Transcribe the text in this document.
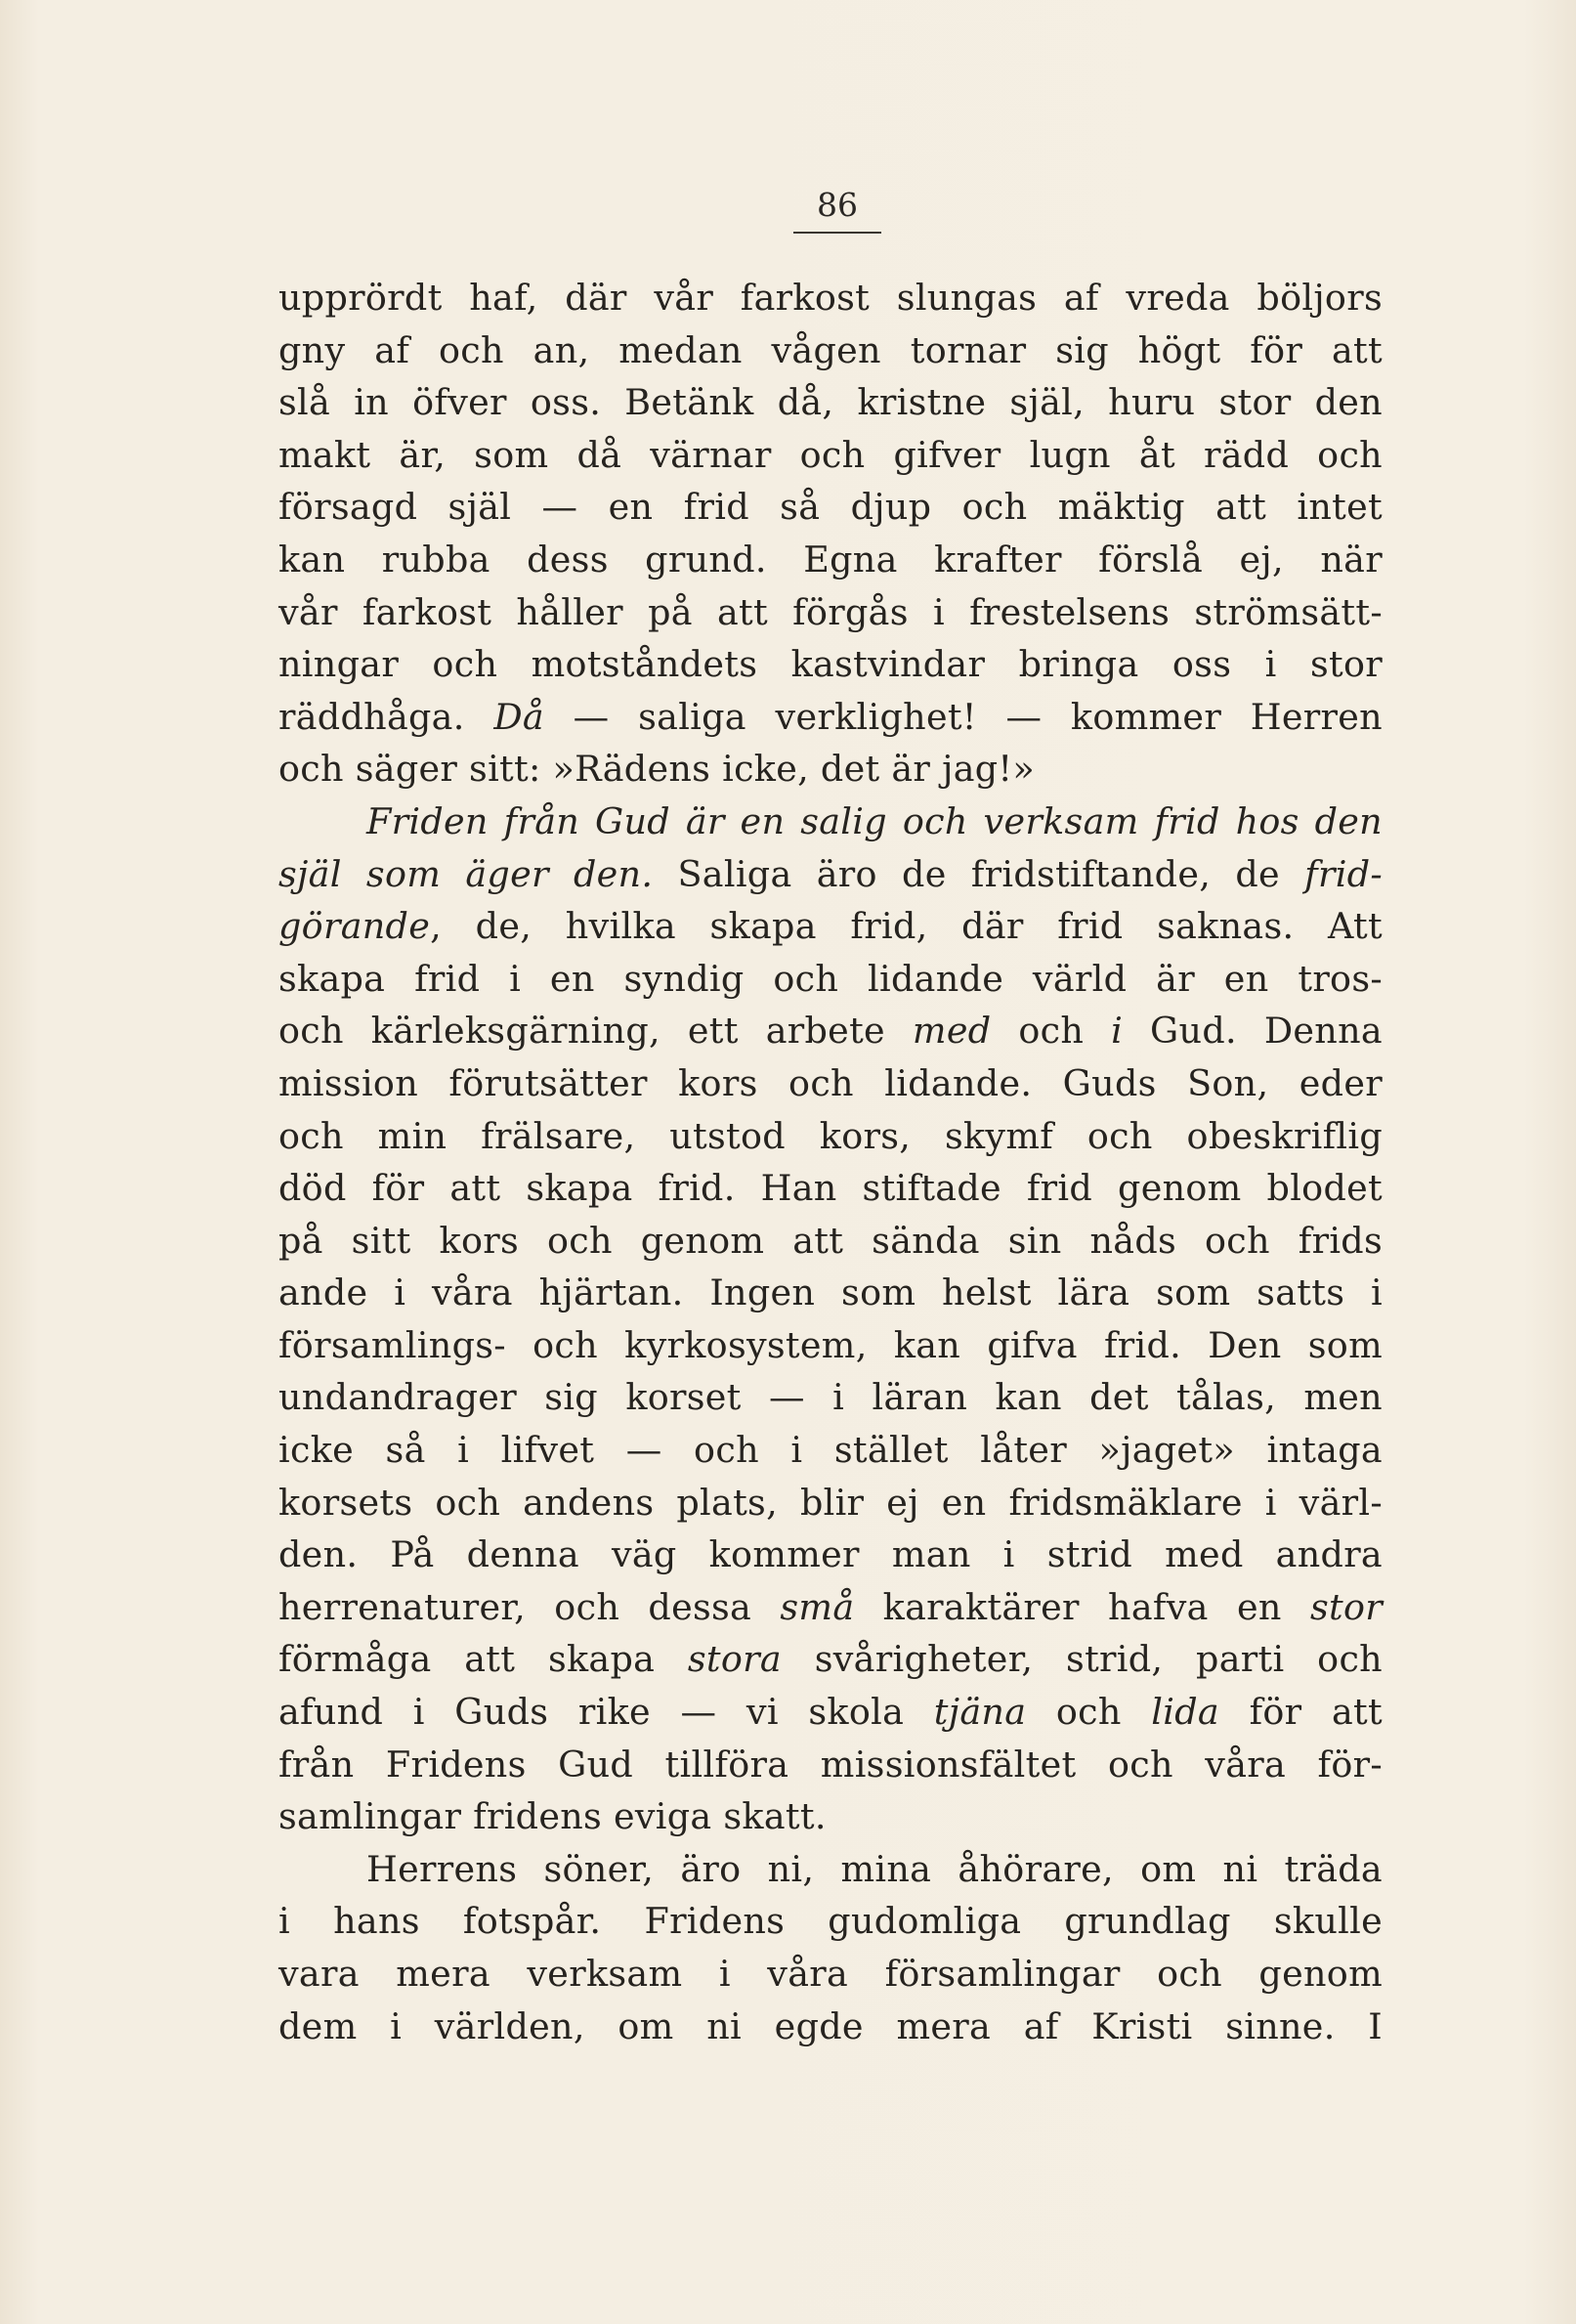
86
upprördt haf, där vår farkost slungas af vreda böljors
gny af och an, medan vågen tornar sig högt för att
slå in öfver oss. Betänk då, kristne själ, huru stor den
makt är, som då värnar och gifver lugn åt rädd och
försagd själ — en frid så djup och mäktig att intet
kan rubba dess grund. Egna krafter förslå ej, när
vår farkost håller på att förgås i frestelsens strömsätt-
ningar och motståndets kastvindar bringa oss i stor
räddhåga. Då — saliga verklighet! — kommer Herren
och säger sitt: »Rädens icke, det är jag!»
Friden från Gud är en salig och verksam frid hos den
själ som äger den. Saliga äro de fridstiftande, de frid-
görande, de, hvilka skapa frid, där frid saknas. Att
skapa frid i en syndig och lidande värld är en tros-
och kärleksgärning, ett arbete med och i Gud. Denna
mission förutsätter kors och lidande. Guds Son, eder
och min frälsare, utstod kors, skymf och obeskriflig
död för att skapa frid. Han stiftade frid genom blodet
på sitt kors och genom att sända sin nåds och frids
ande i våra hjärtan. Ingen som helst lära som satts i
församlings- och kyrkosystem, kan gifva frid. Den som
undandrager sig korset — i läran kan det tålas, men
icke så i lifvet — och i stället låter »jaget» intaga
korsets och andens plats, blir ej en fridsmäklare i värl-
den. På denna väg kommer man i strid med andra
herrenaturer, och dessa små karaktärer hafva en stor
förmåga att skapa stora svårigheter, strid, parti och
afund i Guds rike — vi skola tjäna och lida för att
från Fridens Gud tillföra missionsfältet och våra för-
samlingar fridens eviga skatt.
Herrens söner, äro ni, mina åhörare, om ni träda
i hans fotspår. Fridens gudomliga grundlag skulle
vara mera verksam i våra församlingar och genom
dem i världen, om ni egde mera af Kristi sinne. I
